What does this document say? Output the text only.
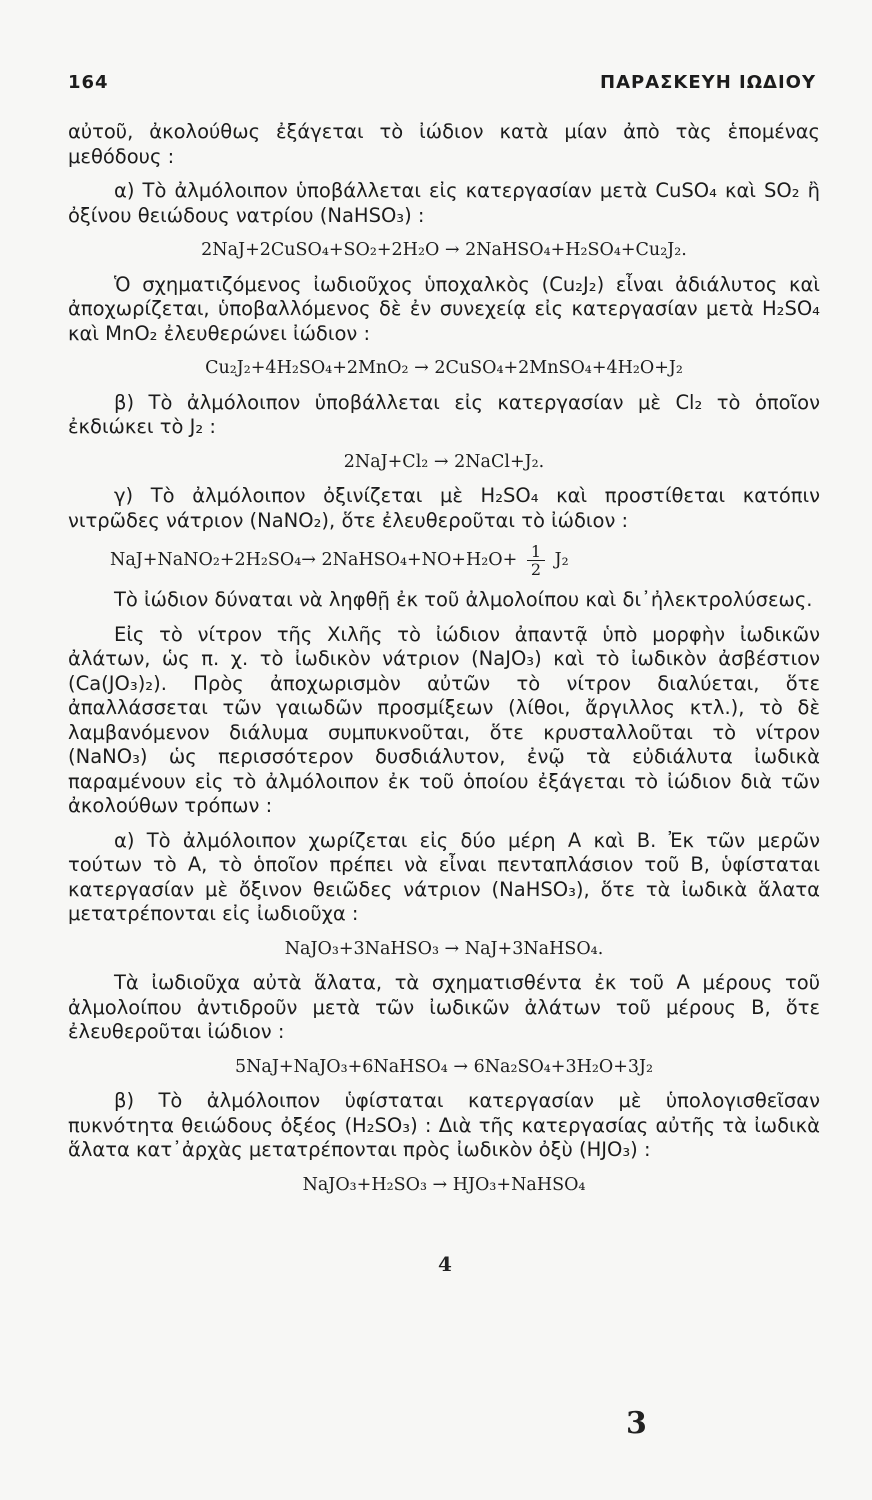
164	ΠΑΡΑΣΚΕΥΗ ΙΩΔΙΟΥ

αὐτοῦ, ἀκολούθως ἐξάγεται τὸ ἰώδιον κατὰ μίαν ἀπὸ τὰς ἑπομένας μεθόδους :

α) Τὸ ἀλμόλοιπον ὑποβάλλεται εἰς κατεργασίαν μετὰ CuSO₄ καὶ SO₂ ἢ ὀξίνου θειώδους νατρίου (NaHSO₃) :

2NaJ+2CuSO₄+SO₂+2H₂O → 2NaHSO₄+H₂SO₄+Cu₂J₂.

Ὁ σχηματιζόμενος ἰωδιοῦχος ὑποχαλκὸς (Cu₂J₂) εἶναι ἀδιάλυτος καὶ ἀποχωρίζεται, ὑποβαλλόμενος δὲ ἐν συνεχείᾳ εἰς κατεργασίαν μετὰ H₂SO₄ καὶ MnO₂ ἐλευθερώνει ἰώδιον :

Cu₂J₂+4H₂SO₄+2MnO₂ → 2CuSO₄+2MnSO₄+4H₂O+J₂

β) Τὸ ἀλμόλοιπον ὑποβάλλεται εἰς κατεργασίαν μὲ Cl₂ τὸ ὁποῖον ἐκδιώκει τὸ J₂ :

2NaJ+Cl₂ → 2NaCl+J₂.

γ) Τὸ ἀλμόλοιπον ὀξινίζεται μὲ H₂SO₄ καὶ προστίθεται κατόπιν νιτρῶδες νάτριον (NaNO₂), ὅτε ἐλευθεροῦται τὸ ἰώδιον :

NaJ+NaNO₂+2H₂SO₄→ 2NaHSO₄+NO+H₂O+ $\frac{1}{2} J_2$

Τὸ ἰώδιον δύναται νὰ ληφθῇ ἐκ τοῦ ἀλμολοίπου καὶ δι᾽ἠλεκτρολύσεως.

Εἰς τὸ νίτρον τῆς Χιλῆς τὸ ἰώδιον ἀπαντᾷ ὑπὸ μορφὴν ἰωδικῶν ἀλάτων, ὡς π. χ. τὸ ἰωδικὸν νάτριον (NaJO₃) καὶ τὸ ἰωδικὸν ἀσβέστιον (Ca(JO₃)₂). Πρὸς ἀποχωρισμὸν αὐτῶν τὸ νίτρον διαλύεται, ὅτε ἀπαλλάσσεται τῶν γαιωδῶν προσμίξεων (λίθοι, ἄργιλλος κτλ.), τὸ δὲ λαμβανόμενον διάλυμα συμπυκνοῦται, ὅτε κρυσταλλοῦται τὸ νίτρον (NaNO₃) ὡς περισσότερον δυσδιάλυτον, ἐνῷ τὰ εὐδιάλυτα ἰωδικὰ παραμένουν εἰς τὸ ἀλμόλοιπον ἐκ τοῦ ὁποίου ἐξάγεται τὸ ἰώδιον διὰ τῶν ἀκολούθων τρόπων :

α) Τὸ ἀλμόλοιπον χωρίζεται εἰς δύο μέρη Α καὶ Β. Ἐκ τῶν μερῶν τούτων τὸ Α, τὸ ὁποῖον πρέπει νὰ εἶναι πενταπλάσιον τοῦ Β, ὑφίσταται κατεργασίαν μὲ ὄξινον θειῶδες νάτριον (NaHSO₃), ὅτε τὰ ἰωδικὰ ἅλατα μετατρέπονται εἰς ἰωδιοῦχα :

NaJO₃+3NaHSO₃ → NaJ+3NaHSO₄.

Τὰ ἰωδιοῦχα αὐτὰ ἅλατα, τὰ σχηματισθέντα ἐκ τοῦ Α μέρους τοῦ ἀλμολοίπου ἀντιδροῦν μετὰ τῶν ἰωδικῶν ἀλάτων τοῦ μέρους Β, ὅτε ἐλευθεροῦται ἰώδιον :

5NaJ+NaJO₃+6NaHSO₄ → 6Na₂SO₄+3H₂O+3J₂

β) Τὸ ἀλμόλοιπον ὑφίσταται κατεργασίαν μὲ ὑπολογισθεῖσαν πυκνότητα θειώδους ὀξέος (H₂SO₃) : Διὰ τῆς κατεργασίας αὐτῆς τὰ ἰωδικὰ ἅλατα κατ᾽ἀρχὰς μετατρέπονται πρὸς ἰωδικὸν ὀξὺ (HJO₃) :

NaJO₃+H₂SO₃ → HJO₃+NaHSO₄
4
3
